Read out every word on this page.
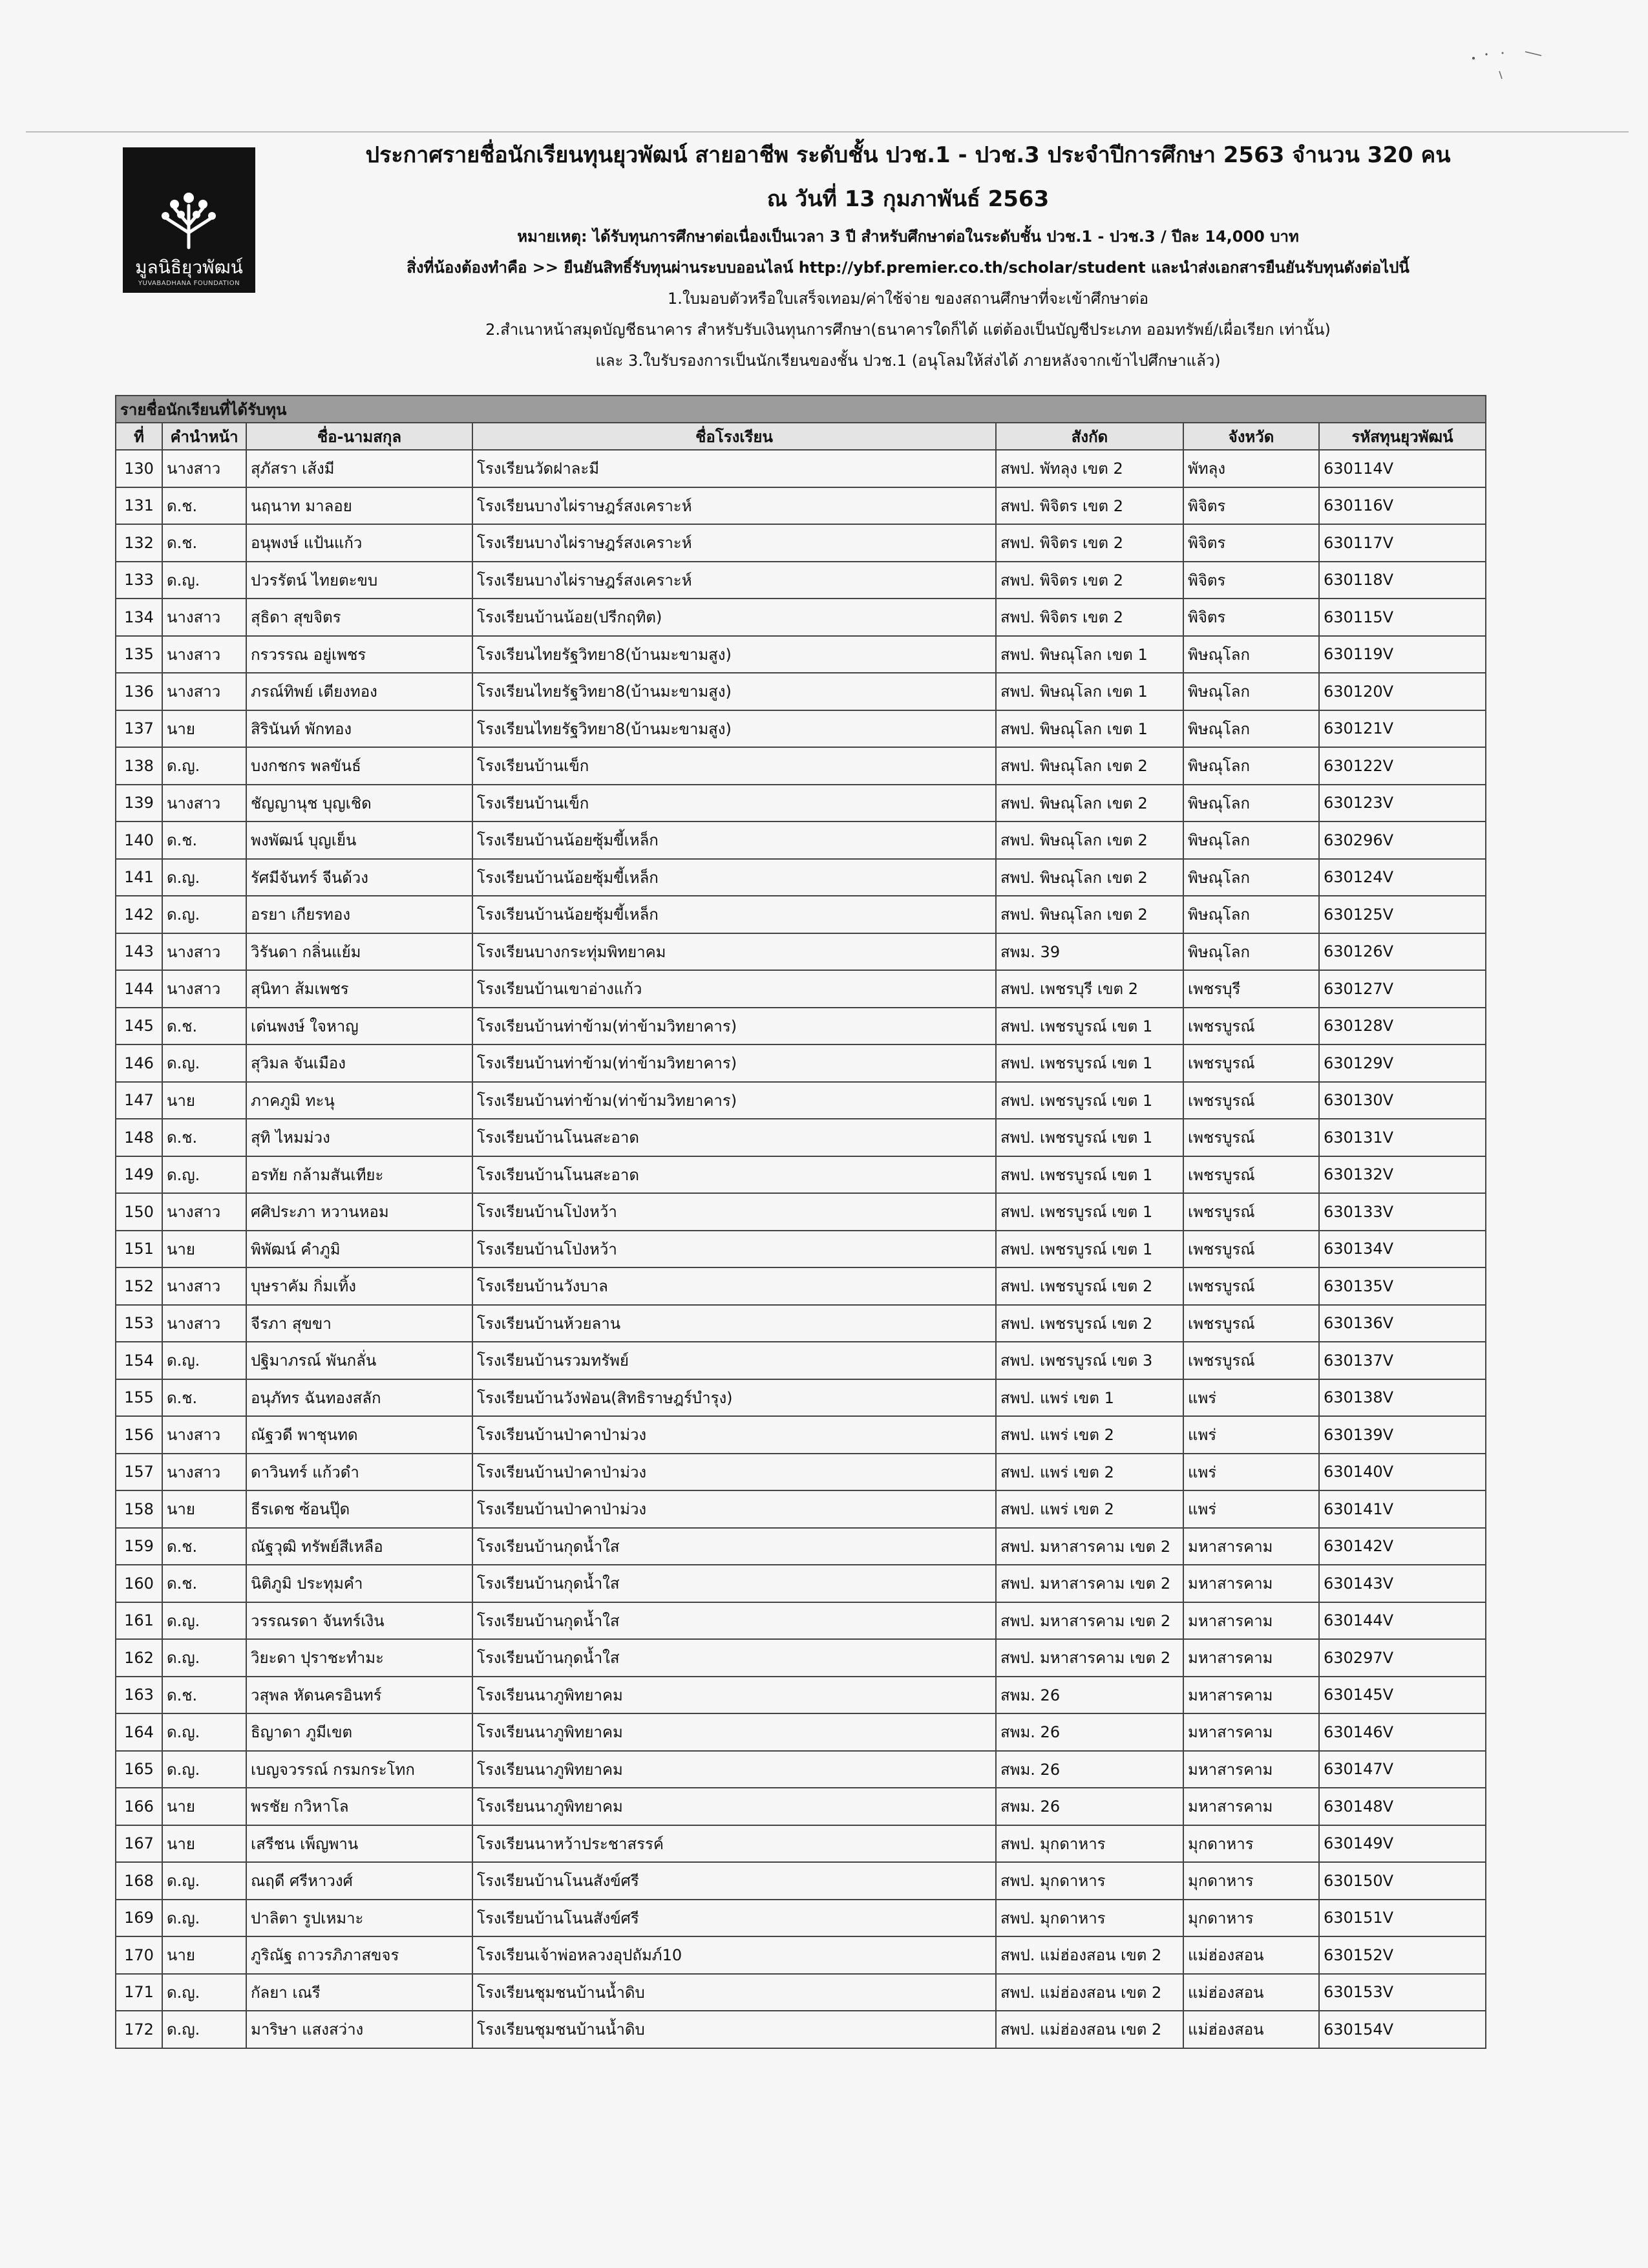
มูลนิธิยุวพัฒน์
YUVABADHANA FOUNDATION

ประกาศรายชื่อนักเรียนทุนยุวพัฒน์ สายอาชีพ ระดับชั้น ปวช.1 - ปวช.3 ประจำปีการศึกษา 2563 จำนวน 320 คน

ณ วันที่ 13 กุมภาพันธ์ 2563

หมายเหตุ: ได้รับทุนการศึกษาต่อเนื่องเป็นเวลา 3 ปี สำหรับศึกษาต่อในระดับชั้น ปวช.1 - ปวช.3 / ปีละ 14,000 บาท

สิ่งที่น้องต้องทำคือ >> ยืนยันสิทธิ์รับทุนผ่านระบบออนไลน์ http://ybf.premier.co.th/scholar/student และนำส่งเอกสารยืนยันรับทุนดังต่อไปนี้

1.ใบมอบตัวหรือใบเสร็จเทอม/ค่าใช้จ่าย ของสถานศึกษาที่จะเข้าศึกษาต่อ

2.สำเนาหน้าสมุดบัญชีธนาคาร สำหรับรับเงินทุนการศึกษา(ธนาคารใดก็ได้ แต่ต้องเป็นบัญชีประเภท ออมทรัพย์/เผื่อเรียก เท่านั้น)

และ 3.ใบรับรองการเป็นนักเรียนของชั้น ปวช.1 (อนุโลมให้ส่งได้ ภายหลังจากเข้าไปศึกษาแล้ว)

รายชื่อนักเรียนที่ได้รับทุน						
ที่	คำนำหน้า	ชื่อ-นามสกุล	ชื่อโรงเรียน	สังกัด	จังหวัด	รหัสทุนยุวพัฒน์
130	นางสาว	สุภัสรา เส้งมี	โรงเรียนวัดฝาละมี	สพป. พัทลุง เขต 2	พัทลุง	630114V
131	ด.ช.	นฤนาท มาลอย	โรงเรียนบางไผ่ราษฎร์สงเคราะห์	สพป. พิจิตร เขต 2	พิจิตร	630116V
132	ด.ช.	อนุพงษ์ แป้นแก้ว	โรงเรียนบางไผ่ราษฎร์สงเคราะห์	สพป. พิจิตร เขต 2	พิจิตร	630117V
133	ด.ญ.	ปวรรัตน์ ไทยตะขบ	โรงเรียนบางไผ่ราษฎร์สงเคราะห์	สพป. พิจิตร เขต 2	พิจิตร	630118V
134	นางสาว	สุธิดา สุขจิตร	โรงเรียนบ้านน้อย(ปรีกฤทิต)	สพป. พิจิตร เขต 2	พิจิตร	630115V
135	นางสาว	กรวรรณ อยู่เพชร	โรงเรียนไทยรัฐวิทยา8(บ้านมะขามสูง)	สพป. พิษณุโลก เขต 1	พิษณุโลก	630119V
136	นางสาว	ภรณ์ทิพย์ เตียงทอง	โรงเรียนไทยรัฐวิทยา8(บ้านมะขามสูง)	สพป. พิษณุโลก เขต 1	พิษณุโลก	630120V
137	นาย	สิรินันท์ พักทอง	โรงเรียนไทยรัฐวิทยา8(บ้านมะขามสูง)	สพป. พิษณุโลก เขต 1	พิษณุโลก	630121V
138	ด.ญ.	บงกชกร พลขันธ์	โรงเรียนบ้านเข็ก	สพป. พิษณุโลก เขต 2	พิษณุโลก	630122V
139	นางสาว	ชัญญานุช บุญเชิด	โรงเรียนบ้านเข็ก	สพป. พิษณุโลก เขต 2	พิษณุโลก	630123V
140	ด.ช.	พงพัฒน์ บุญเย็น	โรงเรียนบ้านน้อยซุ้มขี้เหล็ก	สพป. พิษณุโลก เขต 2	พิษณุโลก	630296V
141	ด.ญ.	รัศมีจันทร์ จีนด้วง	โรงเรียนบ้านน้อยซุ้มขี้เหล็ก	สพป. พิษณุโลก เขต 2	พิษณุโลก	630124V
142	ด.ญ.	อรยา เกียรทอง	โรงเรียนบ้านน้อยซุ้มขี้เหล็ก	สพป. พิษณุโลก เขต 2	พิษณุโลก	630125V
143	นางสาว	วิรันดา กลิ่นแย้ม	โรงเรียนบางกระทุ่มพิทยาคม	สพม. 39	พิษณุโลก	630126V
144	นางสาว	สุนิทา ส้มเพชร	โรงเรียนบ้านเขาอ่างแก้ว	สพป. เพชรบุรี เขต 2	เพชรบุรี	630127V
145	ด.ช.	เด่นพงษ์ ใจหาญ	โรงเรียนบ้านท่าข้าม(ท่าข้ามวิทยาคาร)	สพป. เพชรบูรณ์ เขต 1	เพชรบูรณ์	630128V
146	ด.ญ.	สุวิมล จันเมือง	โรงเรียนบ้านท่าข้าม(ท่าข้ามวิทยาคาร)	สพป. เพชรบูรณ์ เขต 1	เพชรบูรณ์	630129V
147	นาย	ภาคภูมิ ทะนุ	โรงเรียนบ้านท่าข้าม(ท่าข้ามวิทยาคาร)	สพป. เพชรบูรณ์ เขต 1	เพชรบูรณ์	630130V
148	ด.ช.	สุทิ ไหมม่วง	โรงเรียนบ้านโนนสะอาด	สพป. เพชรบูรณ์ เขต 1	เพชรบูรณ์	630131V
149	ด.ญ.	อรทัย กล้ามสันเทียะ	โรงเรียนบ้านโนนสะอาด	สพป. เพชรบูรณ์ เขต 1	เพชรบูรณ์	630132V
150	นางสาว	ศศิประภา หวานหอม	โรงเรียนบ้านโป่งหว้า	สพป. เพชรบูรณ์ เขต 1	เพชรบูรณ์	630133V
151	นาย	พิพัฒน์ คำภูมิ	โรงเรียนบ้านโป่งหว้า	สพป. เพชรบูรณ์ เขต 1	เพชรบูรณ์	630134V
152	นางสาว	บุษราคัม กิ่มเทิ้ง	โรงเรียนบ้านวังบาล	สพป. เพชรบูรณ์ เขต 2	เพชรบูรณ์	630135V
153	นางสาว	จีรภา สุขขา	โรงเรียนบ้านห้วยลาน	สพป. เพชรบูรณ์ เขต 2	เพชรบูรณ์	630136V
154	ด.ญ.	ปฐิมาภรณ์ พันกลั่น	โรงเรียนบ้านรวมทรัพย์	สพป. เพชรบูรณ์ เขต 3	เพชรบูรณ์	630137V
155	ด.ช.	อนุภัทร ฉันทองสลัก	โรงเรียนบ้านวังฟ่อน(สิทธิราษฎร์บำรุง)	สพป. แพร่ เขต 1	แพร่	630138V
156	นางสาว	ณัฐวดี พาชุนทด	โรงเรียนบ้านป่าคาป่าม่วง	สพป. แพร่ เขต 2	แพร่	630139V
157	นางสาว	ดาวินทร์ แก้วดำ	โรงเรียนบ้านป่าคาป่าม่วง	สพป. แพร่ เขต 2	แพร่	630140V
158	นาย	ธีรเดช ซ้อนปุ๊ด	โรงเรียนบ้านป่าคาป่าม่วง	สพป. แพร่ เขต 2	แพร่	630141V
159	ด.ช.	ณัฐวุฒิ ทรัพย์สีเหลือ	โรงเรียนบ้านกุดน้ำใส	สพป. มหาสารคาม เขต 2	มหาสารคาม	630142V
160	ด.ช.	นิติภูมิ ประทุมคำ	โรงเรียนบ้านกุดน้ำใส	สพป. มหาสารคาม เขต 2	มหาสารคาม	630143V
161	ด.ญ.	วรรณรดา จันทร์เงิน	โรงเรียนบ้านกุดน้ำใส	สพป. มหาสารคาม เขต 2	มหาสารคาม	630144V
162	ด.ญ.	วิยะดา ปุราชะทำมะ	โรงเรียนบ้านกุดน้ำใส	สพป. มหาสารคาม เขต 2	มหาสารคาม	630297V
163	ด.ช.	วสุพล หัดนครอินทร์	โรงเรียนนาภูพิทยาคม	สพม. 26	มหาสารคาม	630145V
164	ด.ญ.	ธิญาดา ภูมีเขต	โรงเรียนนาภูพิทยาคม	สพม. 26	มหาสารคาม	630146V
165	ด.ญ.	เบญจวรรณ์ กรมกระโทก	โรงเรียนนาภูพิทยาคม	สพม. 26	มหาสารคาม	630147V
166	นาย	พรชัย กวิหาโล	โรงเรียนนาภูพิทยาคม	สพม. 26	มหาสารคาม	630148V
167	นาย	เสรีชน เพ็ญพาน	โรงเรียนนาหว้าประชาสรรค์	สพป. มุกดาหาร	มุกดาหาร	630149V
168	ด.ญ.	ณฤดี ศรีหาวงศ์	โรงเรียนบ้านโนนสังข์ศรี	สพป. มุกดาหาร	มุกดาหาร	630150V
169	ด.ญ.	ปาลิตา รูปเหมาะ	โรงเรียนบ้านโนนสังข์ศรี	สพป. มุกดาหาร	มุกดาหาร	630151V
170	นาย	ภูริณัฐ ถาวรภิภาสขจร	โรงเรียนเจ้าพ่อหลวงอุปถัมภ์10	สพป. แม่ฮ่องสอน เขต 2	แม่ฮ่องสอน	630152V
171	ด.ญ.	กัลยา เณรี	โรงเรียนชุมชนบ้านน้ำดิบ	สพป. แม่ฮ่องสอน เขต 2	แม่ฮ่องสอน	630153V
172	ด.ญ.	มาริษา แสงสว่าง	โรงเรียนชุมชนบ้านน้ำดิบ	สพป. แม่ฮ่องสอน เขต 2	แม่ฮ่องสอน	630154V
